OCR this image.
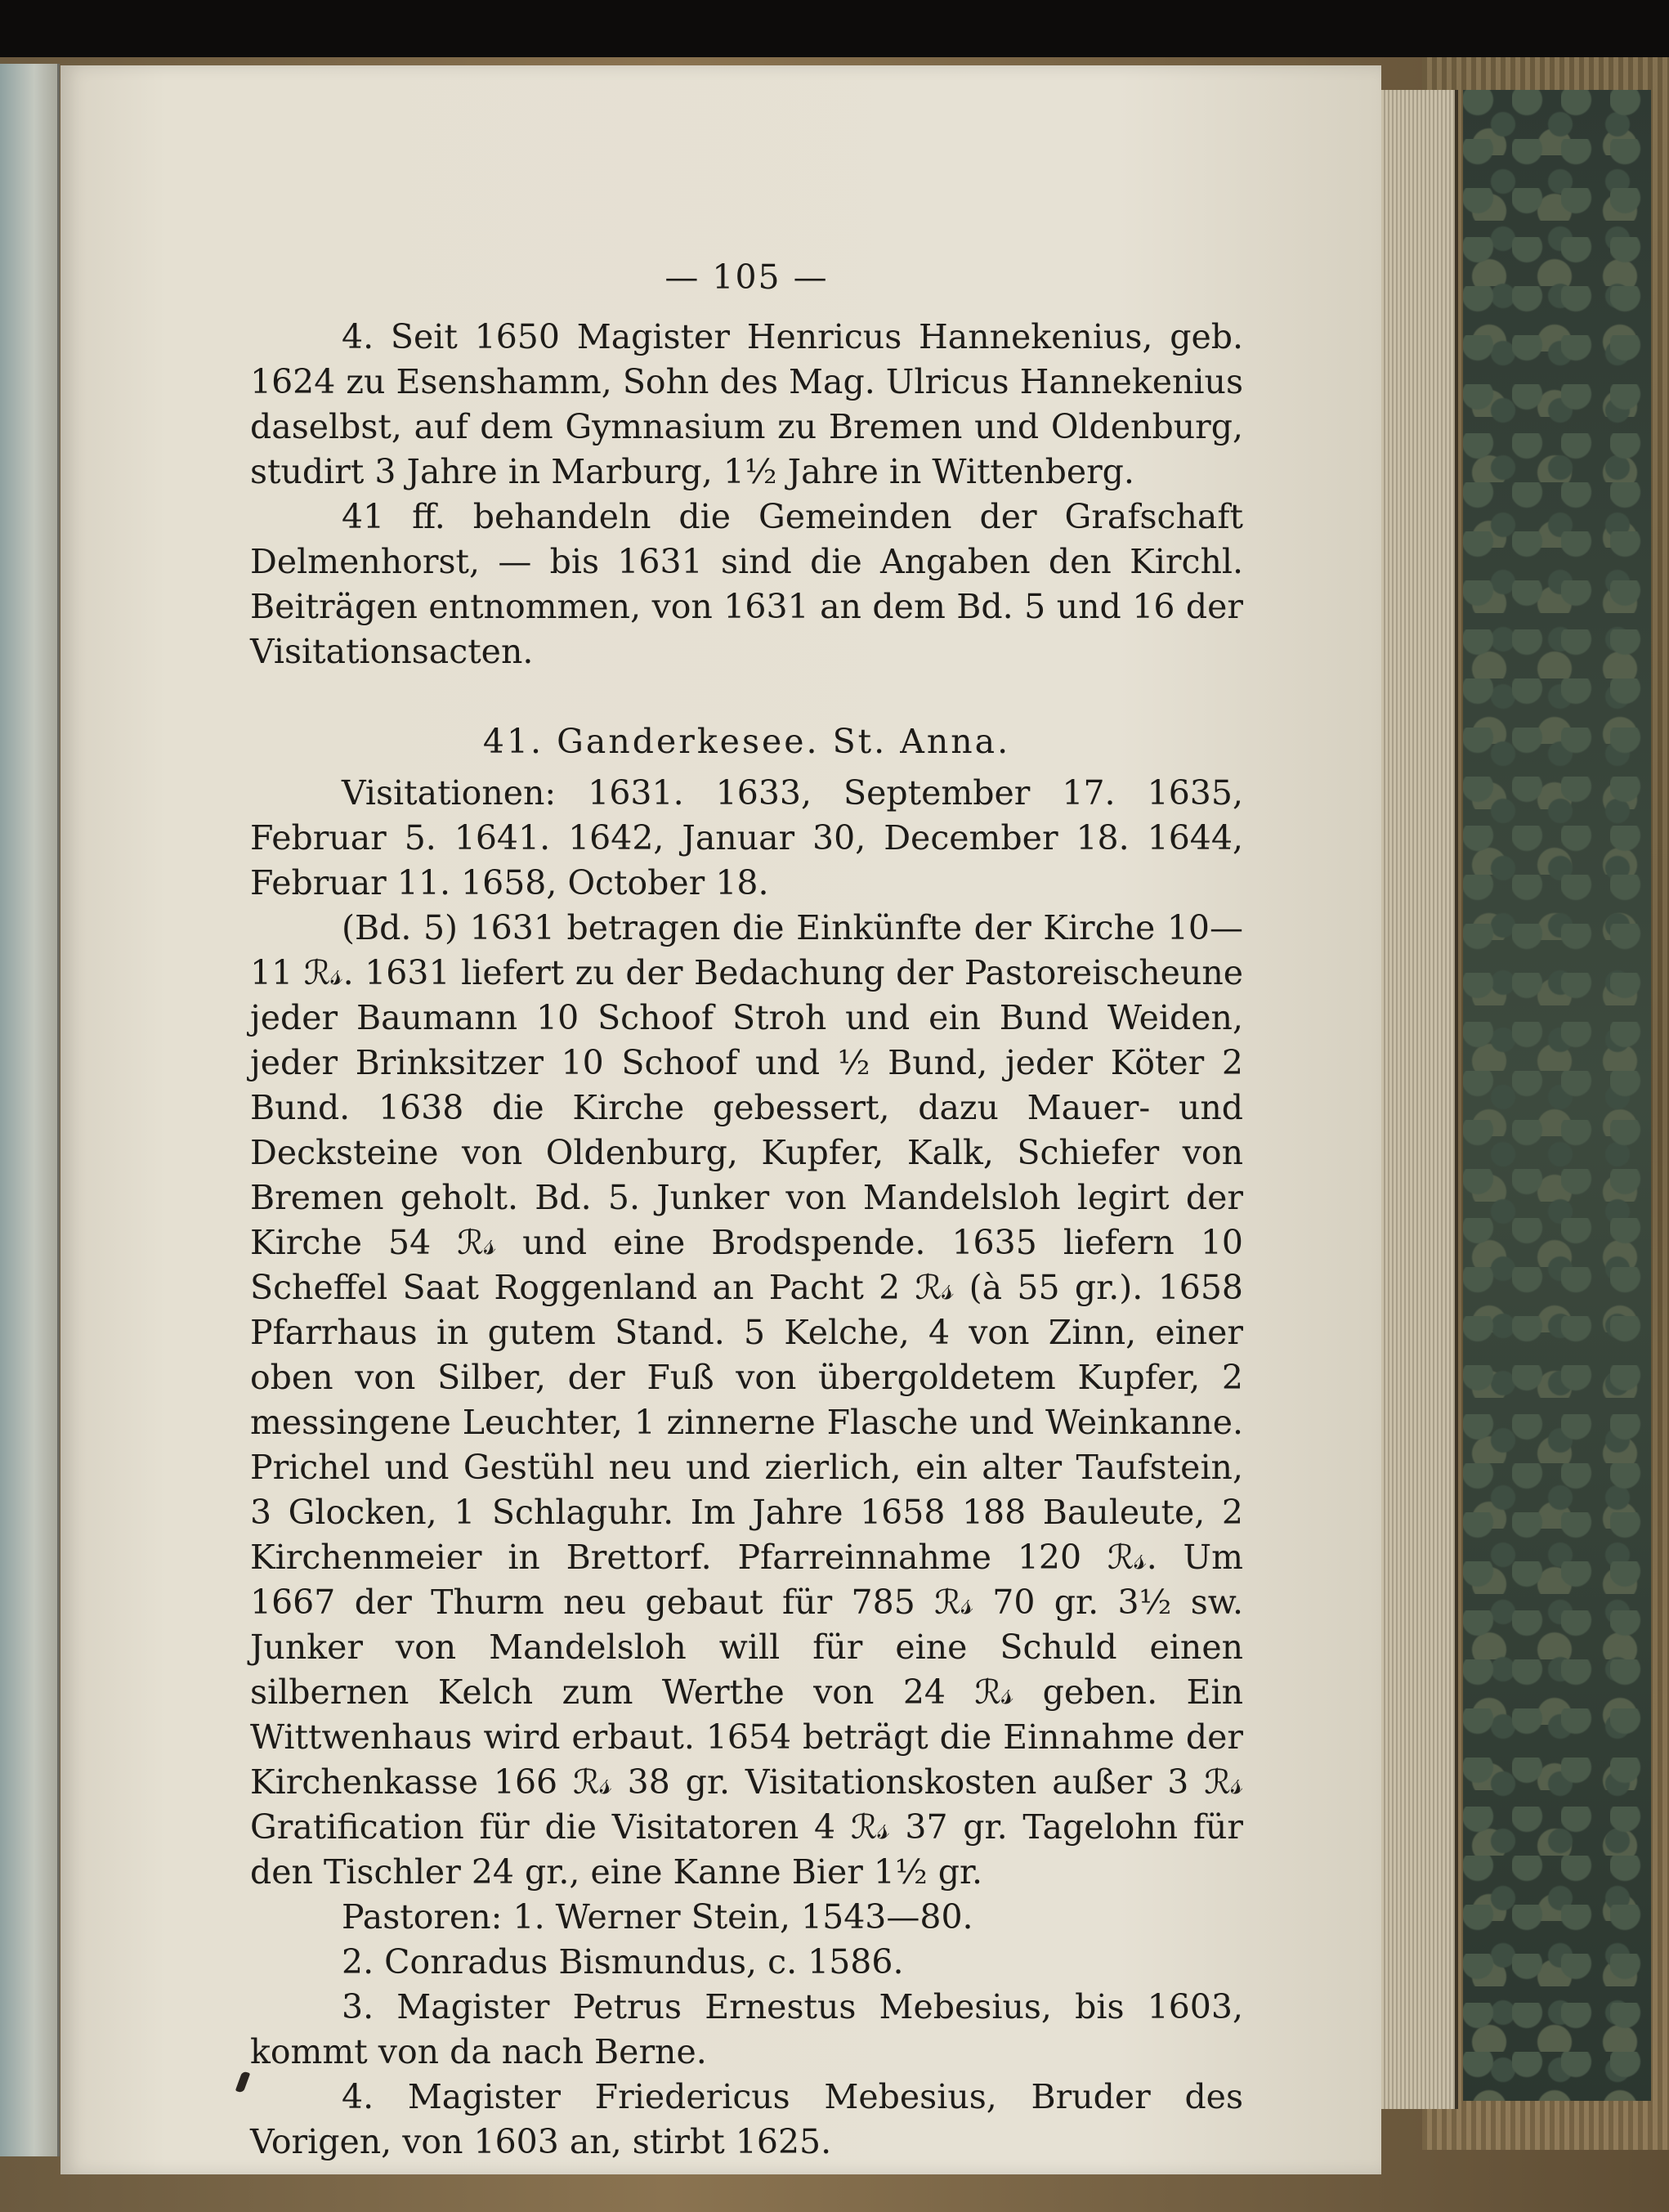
— 105 —

4. Seit 1650 Magister Henricus Hannekenius, geb. 1624 zu Esenshamm, Sohn des Mag. Ulricus Hannekenius daselbst, auf dem Gymnasium zu Bremen und Oldenburg, studirt 3 Jahre in Marburg, 1½ Jahre in Wittenberg.

41 ff. behandeln die Gemeinden der Grafschaft Delmenhorst, — bis 1631 sind die Angaben den Kirchl. Beiträgen entnommen, von 1631 an dem Bd. 5 und 16 der Visitationsacten.

41. Ganderkesee. St. Anna.

Visitationen: 1631. 1633, September 17. 1635, Februar 5. 1641. 1642, Januar 30, December 18. 1644, Februar 11. 1658, October 18.

(Bd. 5) 1631 betragen die Einkünfte der Kirche 10—11 ℛ𝓈. 1631 liefert zu der Bedachung der Pastoreischeune jeder Baumann 10 Schoof Stroh und ein Bund Weiden, jeder Brinksitzer 10 Schoof und ½ Bund, jeder Köter 2 Bund. 1638 die Kirche gebessert, dazu Mauer- und Decksteine von Oldenburg, Kupfer, Kalk, Schiefer von Bremen geholt. Bd. 5. Junker von Mandelsloh legirt der Kirche 54 ℛ𝓈 und eine Brodspende. 1635 liefern 10 Scheffel Saat Roggenland an Pacht 2 ℛ𝓈 (à 55 gr.). 1658 Pfarrhaus in gutem Stand. 5 Kelche, 4 von Zinn, einer oben von Silber, der Fuß von übergoldetem Kupfer, 2 messingene Leuchter, 1 zinnerne Flasche und Weinkanne. Prichel und Gestühl neu und zierlich, ein alter Taufstein, 3 Glocken, 1 Schlaguhr. Im Jahre 1658 188 Bauleute, 2 Kirchenmeier in Brettorf. Pfarreinnahme 120 ℛ𝓈. Um 1667 der Thurm neu gebaut für 785 ℛ𝓈 70 gr. 3½ sw. Junker von Mandelsloh will für eine Schuld einen silbernen Kelch zum Werthe von 24 ℛ𝓈 geben. Ein Wittwenhaus wird erbaut. 1654 beträgt die Einnahme der Kirchenkasse 166 ℛ𝓈 38 gr. Visitationskosten außer 3 ℛ𝓈 Gratification für die Visitatoren 4 ℛ𝓈 37 gr. Tagelohn für den Tischler 24 gr., eine Kanne Bier 1½ gr.

Pastoren: 1. Werner Stein, 1543—80.

2. Conradus Bismundus, c. 1586.

3. Magister Petrus Ernestus Mebesius, bis 1603, kommt von da nach Berne.

4. Magister Friedericus Mebesius, Bruder des Vorigen, von 1603 an, stirbt 1625.
